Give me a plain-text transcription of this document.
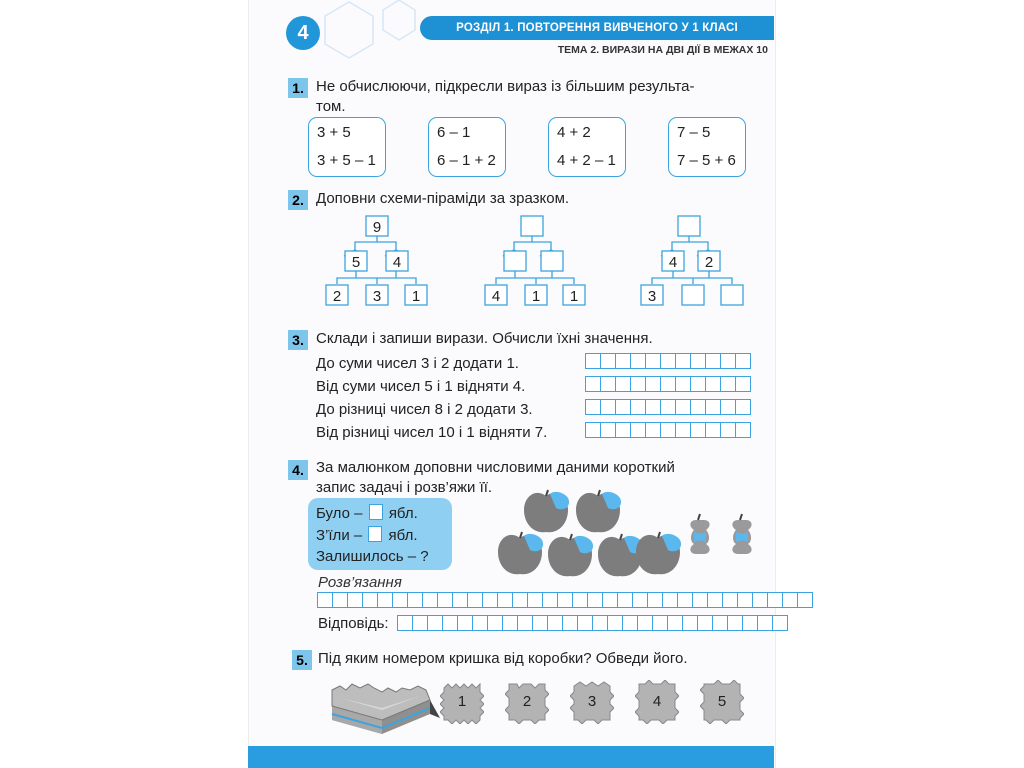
4	РОЗДІЛ 1. ПОВТОРЕННЯ ВИВЧЕНОГО У 1 КЛАСІ
ТЕМА 2. ВИРАЗИ НА ДВІ ДІЇ В МЕЖАХ 10
1. Не обчислюючи, підкресли вираз із більшим результа-
том.
3 + 5
3 + 5 – 1
6 – 1
6 – 1 + 2
4 + 2
4 + 2 – 1
7 – 5
7 – 5 + 6
2. Доповни схеми-піраміди за зразком.
9
5 4
2 3 1	4 1 1
4 2
3
3. Склади і запиши вирази. Обчисли їхні значення.
До суми чисел 3 і 2 додати 1.
Від суми чисел 5 і 1 відняти 4.
До різниці чисел 8 і 2 додати 3.
Від різниці чисел 10 і 1 відняти 7.
4. За малюнком доповни числовими даними короткий
запис задачі і розв’яжи її.
Було – ябл.
З’їли – ябл.
Залишилось – ?
Розв’язання
Відповідь:
5. Під яким номером кришка від коробки? Обведи його.
1	2	3	4	5
